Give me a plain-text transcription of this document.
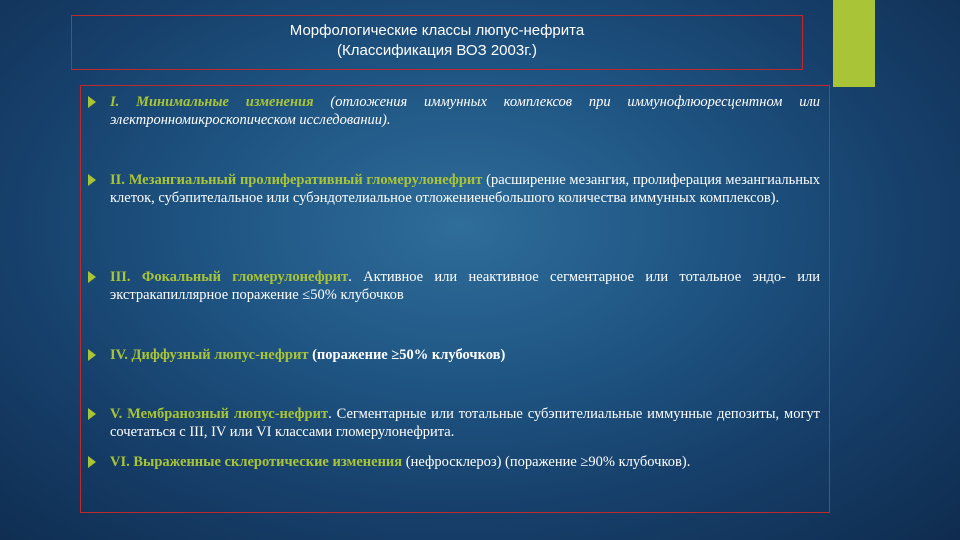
Морфологические классы люпус-нефрита
(Классификация ВОЗ 2003г.)
I. Минимальные изменения (отложения иммунных комплексов при иммунофлюоресцентном или электронномикроскопическом исследовании).
II. Мезангиальный пролиферативный гломерулонефрит (расширение мезангия, пролиферация мезангиальных клеток, субэпителальное или субэндотелиальное отложениенебольшого количества иммунных комплексов).
III. Фокальный гломерулонефрит. Активное или неактивное сегментарное или тотальное эндо- или экстракапиллярное поражение ≤50% клубочков
IV. Диффузный люпус-нефрит (поражение ≥50% клубочков)
V. Мембранозный люпус-нефрит. Сегментарные или тотальные субэпителиальные иммунные депозиты, могут сочетаться с III, IV или VI классами гломерулонефрита.
VI. Выраженные склеротические изменения (нефросклероз) (поражение ≥90% клубочков).
